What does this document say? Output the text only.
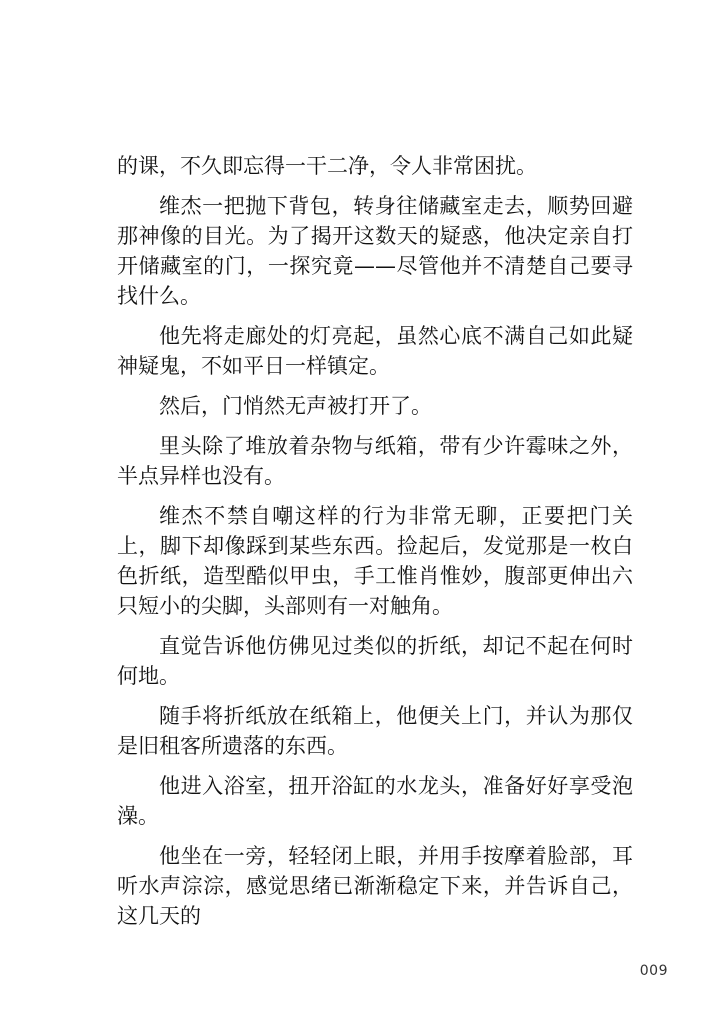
的课，不久即忘得一干二净，令人非常困扰。

维杰一把抛下背包，转身往储藏室走去，顺势回避那神像的目光。为了揭开这数天的疑惑，他决定亲自打开储藏室的门，一探究竟——尽管他并不清楚自己要寻找什么。

他先将走廊处的灯亮起，虽然心底不满自己如此疑神疑鬼，不如平日一样镇定。

然后，门悄然无声被打开了。

里头除了堆放着杂物与纸箱，带有少许霉味之外，半点异样也没有。

维杰不禁自嘲这样的行为非常无聊，正要把门关上，脚下却像踩到某些东西。捡起后，发觉那是一枚白色折纸，造型酷似甲虫，手工惟肖惟妙，腹部更伸出六只短小的尖脚，头部则有一对触角。

直觉告诉他仿佛见过类似的折纸，却记不起在何时何地。

随手将折纸放在纸箱上，他便关上门，并认为那仅是旧租客所遗落的东西。

他进入浴室，扭开浴缸的水龙头，准备好好享受泡澡。

他坐在一旁，轻轻闭上眼，并用手按摩着脸部，耳听水声淙淙，感觉思绪已渐渐稳定下来，并告诉自己，这几天的

009
